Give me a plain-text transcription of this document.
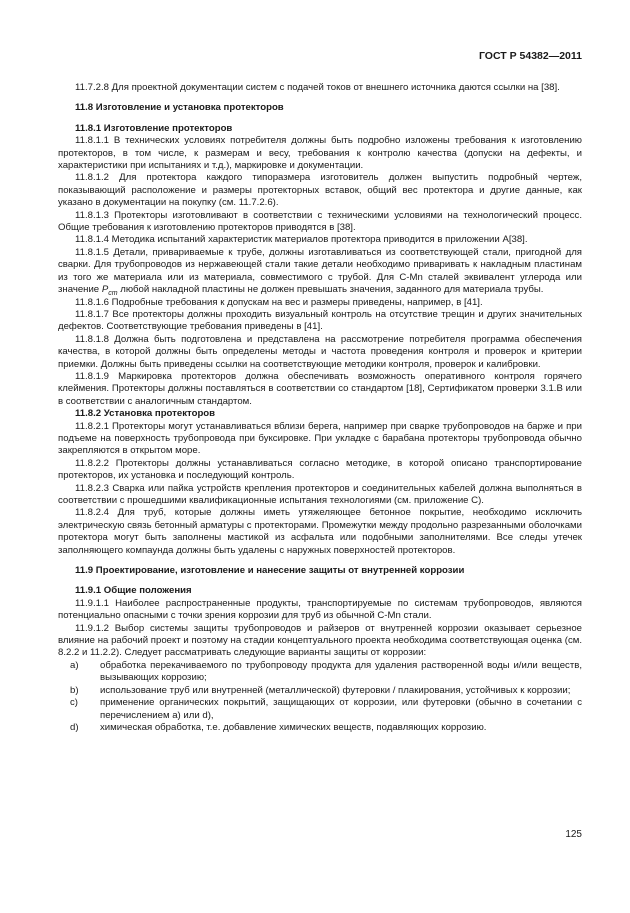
ГОСТ Р 54382—2011

11.7.2.8 Для проектной документации систем с подачей токов от внешнего источника даются ссылки на [38].

11.8 Изготовление и установка протекторов

11.8.1 Изготовление протекторов

11.8.1.1 В технических условиях потребителя должны быть подробно изложены требования к изготовлению протекторов, в том числе, к размерам и весу, требования к контролю качества (допуски на дефекты, и характеристики при испытаниях и т.д.), маркировке и документации.

11.8.1.2 Для протектора каждого типоразмера изготовитель должен выпустить подробный чертеж, показывающий расположение и размеры протекторных вставок, общий вес протектора и другие данные, как указано в документации на покупку (см. 11.7.2.6).

11.8.1.3 Протекторы изготовливают в соответствии с техническими условиями на технологический процесс. Общие требования к изготовлению протекторов приводятся в [38].

11.8.1.4 Методика испытаний характеристик материалов протектора приводится в приложении А[38].

11.8.1.5 Детали, привариваемые к трубе, должны изготавливаться из соответствующей стали, пригодной для сварки. Для трубопроводов из нержавеющей стали такие детали необходимо приваривать к накладным пластинам из того же материала или из материала, совместимого с трубой. Для C-Mn сталей эквивалент углерода или значение $P_{cm}$ любой накладной пластины не должен превышать значения, заданного для материала трубы.

11.8.1.6 Подробные требования к допускам на вес и размеры приведены, например, в [41].

11.8.1.7 Все протекторы должны проходить визуальный контроль на отсутствие трещин и других значительных дефектов. Соответствующие требования приведены в [41].

11.8.1.8 Должна быть подготовлена и представлена на рассмотрение потребителя программа обеспечения качества, в которой должны быть определены методы и частота проведения контроля и проверок и критерии приемки. Должны быть приведены ссылки на соответствующие методики контроля, проверок и калибровки.

11.8.1.9 Маркировка протекторов должна обеспечивать возможность оперативного контроля горячего клеймения. Протекторы должны поставляться в соответствии со стандартом [18], Сертификатом проверки 3.1.В или в соответствии с аналогичным стандартом.

11.8.2 Установка протекторов

11.8.2.1 Протекторы могут устанавливаться вблизи берега, например при сварке трубопроводов на барже и при подъеме на поверхность трубопровода при буксировке. При укладке с барабана протекторы трубопровода обычно закрепляются в открытом море.

11.8.2.2 Протекторы должны устанавливаться согласно методике, в которой описано транспортирование протекторов, их установка и последующий контроль.

11.8.2.3 Сварка или пайка устройств крепления протекторов и соединительных кабелей должна выполняться в соответствии с прошедшими квалификационные испытания технологиями (см. приложение С).

11.8.2.4 Для труб, которые должны иметь утяжеляющее бетонное покрытие, необходимо исключить электрическую связь бетонный арматуры с протекторами. Промежутки между продольно разрезанными оболочками протектора могут быть заполнены мастикой из асфальта или подобными заполнителями. Все следы утечек заполняющего компаунда должны быть удалены с наружных поверхностей протекторов.

11.9 Проектирование, изготовление и нанесение защиты от внутренней коррозии

11.9.1 Общие положения

11.9.1.1 Наиболее распространенные продукты, транспортируемые по системам трубопроводов, являются потенциально опасными с точки зрения коррозии для труб из обычной C-Mn стали.

11.9.1.2 Выбор системы защиты трубопроводов и райзеров от внутренней коррозии оказывает серьезное влияние на рабочий проект и поэтому на стадии концептуального проекта необходима соответствующая оценка (см. 8.2.2 и 11.2.2). Следует рассматривать следующие варианты защиты от коррозии:

a) обработка перекачиваемого по трубопроводу продукта для удаления растворенной воды и/или веществ, вызывающих коррозию;
b) использование труб или внутренней (металлической) футеровки / плакирования, устойчивых к коррозии;
c) применение органических покрытий, защищающих от коррозии, или футеровки (обычно в сочетании с перечислением а) или d),
d) химическая обработка, т.е. добавление химических веществ, подавляющих коррозию.
125
